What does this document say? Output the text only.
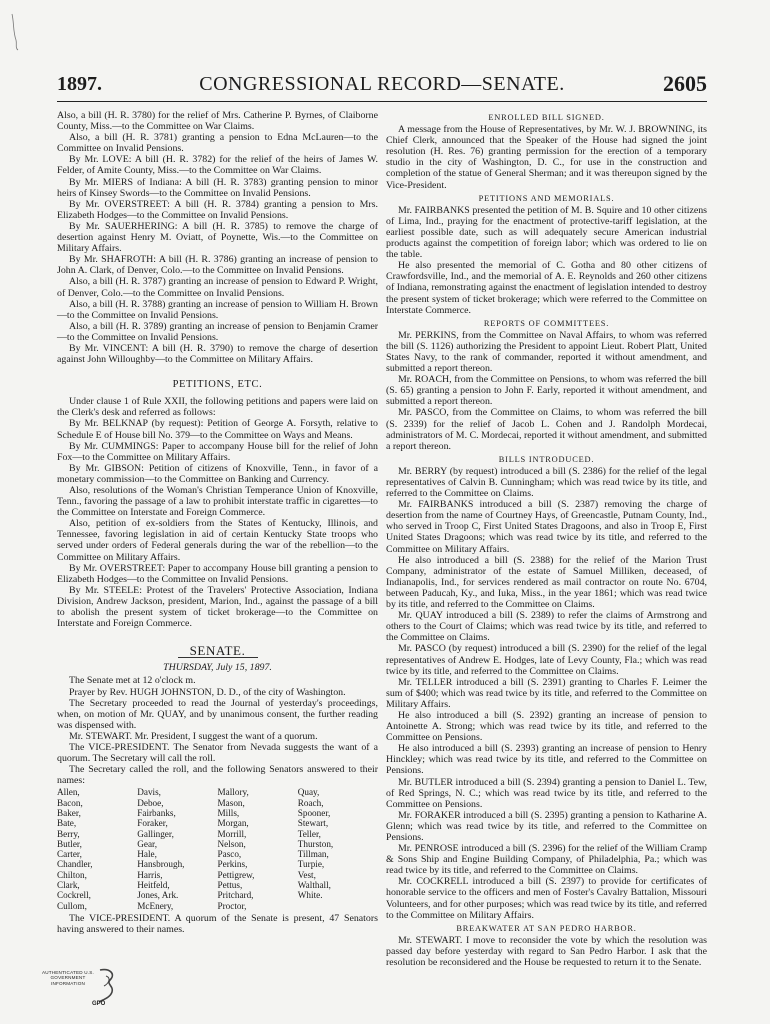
1897.	CONGRESSIONAL RECORD—SENATE.	2605

Also, a bill (H. R. 3780) for the relief of Mrs. Catherine P. Byrnes, of Claiborne County, Miss.—to the Committee on War Claims.

Also, a bill (H. R. 3781) granting a pension to Edna McLauren—to the Committee on Invalid Pensions.

By Mr. LOVE: A bill (H. R. 3782) for the relief of the heirs of James W. Felder, of Amite County, Miss.—to the Committee on War Claims.

By Mr. MIERS of Indiana: A bill (H. R. 3783) granting pension to minor heirs of Kinsey Swords—to the Committee on Invalid Pensions.

By Mr. OVERSTREET: A bill (H. R. 3784) granting a pension to Mrs. Elizabeth Hodges—to the Committee on Invalid Pensions.

By Mr. SAUERHERING: A bill (H. R. 3785) to remove the charge of desertion against Henry M. Oviatt, of Poynette, Wis.—to the Committee on Military Affairs.

By Mr. SHAFROTH: A bill (H. R. 3786) granting an increase of pension to John A. Clark, of Denver, Colo.—to the Committee on Invalid Pensions.

Also, a bill (H. R. 3787) granting an increase of pension to Edward P. Wright, of Denver, Colo.—to the Committee on Invalid Pensions.

Also, a bill (H. R. 3788) granting an increase of pension to William H. Brown—to the Committee on Invalid Pensions.

Also, a bill (H. R. 3789) granting an increase of pension to Benjamin Cramer—to the Committee on Invalid Pensions.

By Mr. VINCENT: A bill (H. R. 3790) to remove the charge of desertion against John Willoughby—to the Committee on Military Affairs.

PETITIONS, ETC.

Under clause 1 of Rule XXII, the following petitions and papers were laid on the Clerk's desk and referred as follows:

By Mr. BELKNAP (by request): Petition of George A. Forsyth, relative to Schedule E of House bill No. 379—to the Committee on Ways and Means.

By Mr. CUMMINGS: Paper to accompany House bill for the relief of John Fox—to the Committee on Military Affairs.

By Mr. GIBSON: Petition of citizens of Knoxville, Tenn., in favor of a monetary commission—to the Committee on Banking and Currency.

Also, resolutions of the Woman's Christian Temperance Union of Knoxville, Tenn., favoring the passage of a law to prohibit interstate traffic in cigarettes—to the Committee on Interstate and Foreign Commerce.

Also, petition of ex-soldiers from the States of Kentucky, Illinois, and Tennessee, favoring legislation in aid of certain Kentucky State troops who served under orders of Federal generals during the war of the rebellion—to the Committee on Military Affairs.

By Mr. OVERSTREET: Paper to accompany House bill granting a pension to Elizabeth Hodges—to the Committee on Invalid Pensions.

By Mr. STEELE: Protest of the Travelers' Protective Association, Indiana Division, Andrew Jackson, president, Marion, Ind., against the passage of a bill to abolish the present system of ticket brokerage—to the Committee on Interstate and Foreign Commerce.

SENATE.

THURSDAY, July 15, 1897.

The Senate met at 12 o'clock m.

Prayer by Rev. HUGH JOHNSTON, D. D., of the city of Washington.

The Secretary proceeded to read the Journal of yesterday's proceedings, when, on motion of Mr. QUAY, and by unanimous consent, the further reading was dispensed with.

Mr. STEWART. Mr. President, I suggest the want of a quorum.

The VICE-PRESIDENT. The Senator from Nevada suggests the want of a quorum. The Secretary will call the roll.

The Secretary called the roll, and the following Senators answered to their names:

Allen,
Bacon,
Baker,
Bate,
Berry,
Butler,
Carter,
Chandler,
Chilton,
Clark,
Cockrell,
Cullom,
Davis,
Deboe,
Fairbanks,
Foraker,
Gallinger,
Gear,
Hale,
Hansbrough,
Harris,
Heitfeld,
Jones, Ark.
McEnery,
Mallory,
Mason,
Mills,
Morgan,
Morrill,
Nelson,
Pasco,
Perkins,
Pettigrew,
Pettus,
Pritchard,
Proctor,
Quay,
Roach,
Spooner,
Stewart,
Teller,
Thurston,
Tillman,
Turpie,
Vest,
Walthall,
White.

The VICE-PRESIDENT. A quorum of the Senate is present, 47 Senators having answered to their names.

ENROLLED BILL SIGNED.

A message from the House of Representatives, by Mr. W. J. BROWNING, its Chief Clerk, announced that the Speaker of the House had signed the joint resolution (H. Res. 76) granting permission for the erection of a temporary studio in the city of Washington, D. C., for use in the construction and completion of the statue of General Sherman; and it was thereupon signed by the Vice-President.

PETITIONS AND MEMORIALS.

Mr. FAIRBANKS presented the petition of M. B. Squire and 10 other citizens of Lima, Ind., praying for the enactment of protective-tariff legislation, at the earliest possible date, such as will adequately secure American industrial products against the competition of foreign labor; which was ordered to lie on the table.

He also presented the memorial of C. Gotha and 80 other citizens of Crawfordsville, Ind., and the memorial of A. E. Reynolds and 260 other citizens of Indiana, remonstrating against the enactment of legislation intended to destroy the present system of ticket brokerage; which were referred to the Committee on Interstate Commerce.

REPORTS OF COMMITTEES.

Mr. PERKINS, from the Committee on Naval Affairs, to whom was referred the bill (S. 1126) authorizing the President to appoint Lieut. Robert Platt, United States Navy, to the rank of commander, reported it without amendment, and submitted a report thereon.

Mr. ROACH, from the Committee on Pensions, to whom was referred the bill (S. 65) granting a pension to John F. Early, reported it without amendment, and submitted a report thereon.

Mr. PASCO, from the Committee on Claims, to whom was referred the bill (S. 2339) for the relief of Jacob L. Cohen and J. Randolph Mordecai, administrators of M. C. Mordecai, reported it without amendment, and submitted a report thereon.

BILLS INTRODUCED.

Mr. BERRY (by request) introduced a bill (S. 2386) for the relief of the legal representatives of Calvin B. Cunningham; which was read twice by its title, and referred to the Committee on Claims.

Mr. FAIRBANKS introduced a bill (S. 2387) removing the charge of desertion from the name of Courtney Hays, of Greencastle, Putnam County, Ind., who served in Troop C, First United States Dragoons, and also in Troop E, First United States Dragoons; which was read twice by its title, and referred to the Committee on Military Affairs.

He also introduced a bill (S. 2388) for the relief of the Marion Trust Company, administrator of the estate of Samuel Milliken, deceased, of Indianapolis, Ind., for services rendered as mail contractor on route No. 6704, between Paducah, Ky., and Iuka, Miss., in the year 1861; which was read twice by its title, and referred to the Committee on Claims.

Mr. QUAY introduced a bill (S. 2389) to refer the claims of Armstrong and others to the Court of Claims; which was read twice by its title, and referred to the Committee on Claims.

Mr. PASCO (by request) introduced a bill (S. 2390) for the relief of the legal representatives of Andrew E. Hodges, late of Levy County, Fla.; which was read twice by its title, and referred to the Committee on Claims.

Mr. TELLER introduced a bill (S. 2391) granting to Charles F. Leimer the sum of $400; which was read twice by its title, and referred to the Committee on Military Affairs.

He also introduced a bill (S. 2392) granting an increase of pension to Antoinette A. Strong; which was read twice by its title, and referred to the Committee on Pensions.

He also introduced a bill (S. 2393) granting an increase of pension to Henry Hinckley; which was read twice by its title, and referred to the Committee on Pensions.

Mr. BUTLER introduced a bill (S. 2394) granting a pension to Daniel L. Tew, of Red Springs, N. C.; which was read twice by its title, and referred to the Committee on Pensions.

Mr. FORAKER introduced a bill (S. 2395) granting a pension to Katharine A. Glenn; which was read twice by its title, and referred to the Committee on Pensions.

Mr. PENROSE introduced a bill (S. 2396) for the relief of the William Cramp & Sons Ship and Engine Building Company, of Philadelphia, Pa.; which was read twice by its title, and referred to the Committee on Claims.

Mr. COCKRELL introduced a bill (S. 2397) to provide for certificates of honorable service to the officers and men of Foster's Cavalry Battalion, Missouri Volunteers, and for other purposes; which was read twice by its title, and referred to the Committee on Military Affairs.

BREAKWATER AT SAN PEDRO HARBOR.

Mr. STEWART. I move to reconsider the vote by which the resolution was passed day before yesterday with regard to San Pedro Harbor. I ask that the resolution be reconsidered and the House be requested to return it to the Senate.

AUTHENTICATED U.S. GOVERNMENT INFORMATION
GPO
